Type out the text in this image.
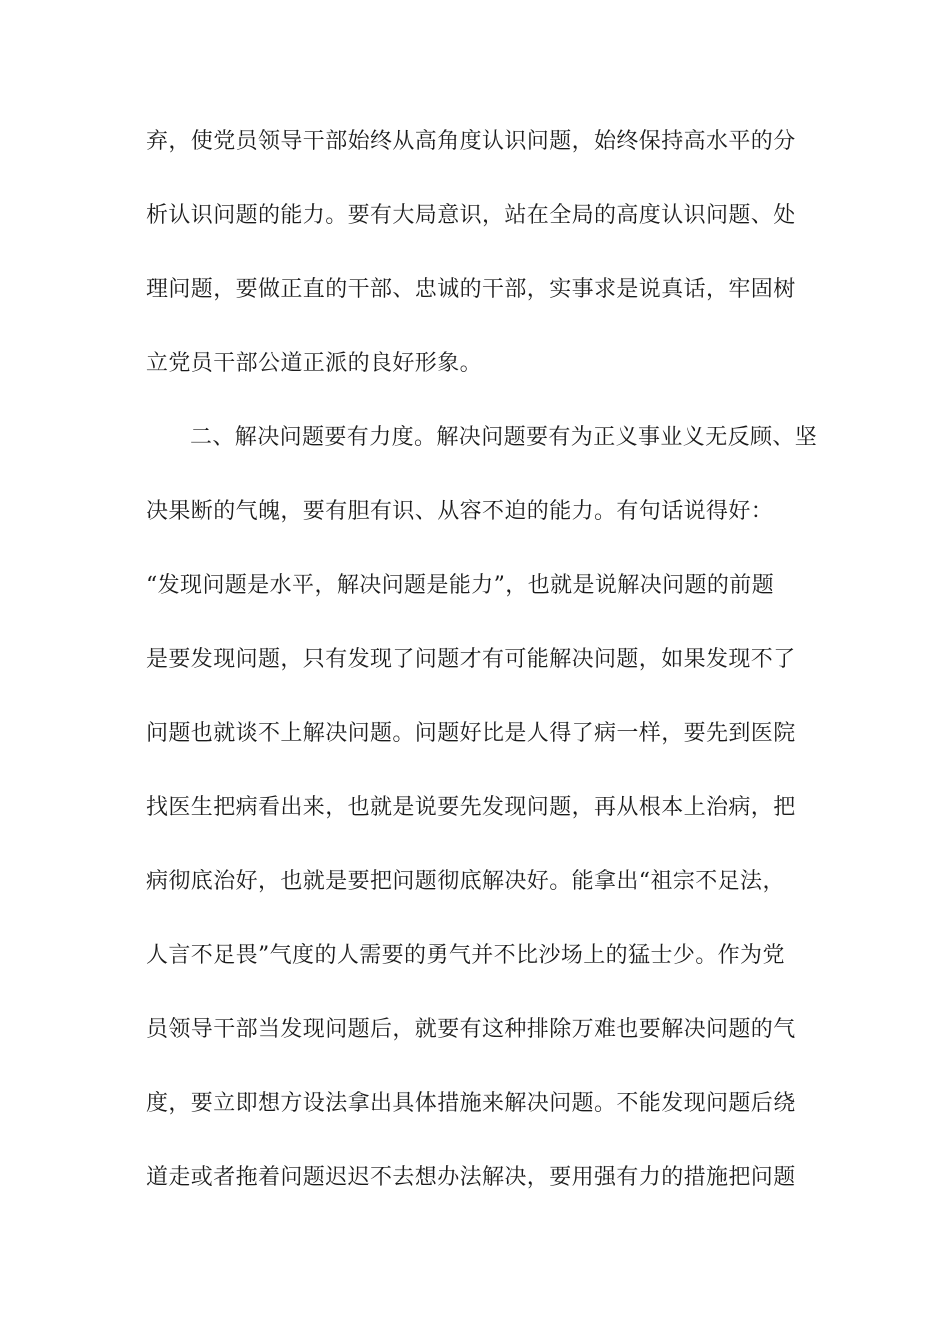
弃，使党员领导干部始终从高角度认识问题，始终保持高水平的分
析认识问题的能力。要有大局意识，站在全局的高度认识问题、处
理问题，要做正直的干部、忠诚的干部，实事求是说真话，牢固树
立党员干部公道正派的良好形象。
二、解决问题要有力度。解决问题要有为正义事业义无反顾、坚
决果断的气魄，要有胆有识、从容不迫的能力。有句话说得好：
“发现问题是水平，解决问题是能力”，也就是说解决问题的前题
是要发现问题，只有发现了问题才有可能解决问题，如果发现不了
问题也就谈不上解决问题。问题好比是人得了病一样，要先到医院
找医生把病看出来，也就是说要先发现问题，再从根本上治病，把
病彻底治好，也就是要把问题彻底解决好。能拿出“祖宗不足法，
人言不足畏”气度的人需要的勇气并不比沙场上的猛士少。作为党
员领导干部当发现问题后，就要有这种排除万难也要解决问题的气
度，要立即想方设法拿出具体措施来解决问题。不能发现问题后绕
道走或者拖着问题迟迟不去想办法解决，要用强有力的措施把问题
